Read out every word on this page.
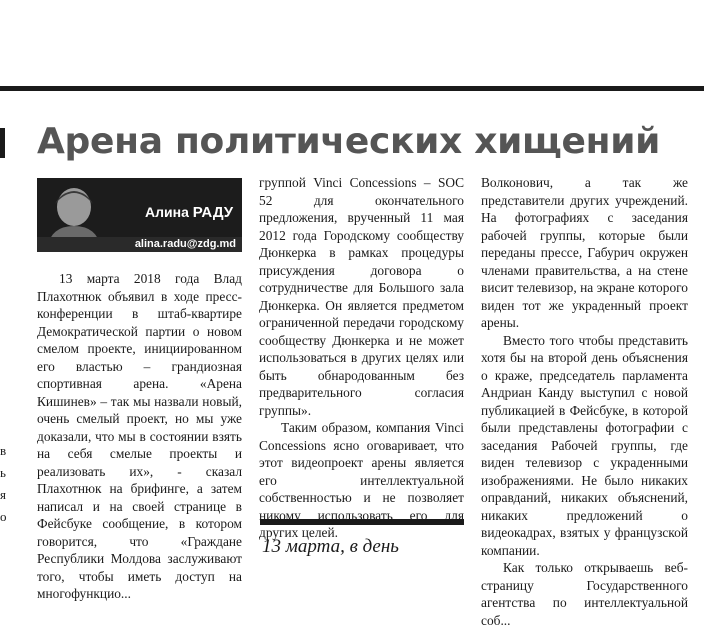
в ь я о
Арена политических хищений
Алина РАДУ
alina.radu@zdg.md

13 марта 2018 года Влад Плахотнюк объявил в ходе пресс-конференции в штаб-квартире Демократической партии о новом смелом проекте, инициированном его властью – грандиозная спортивная арена. «Арена Кишинев» – так мы назвали новый, очень смелый проект, но мы уже доказали, что мы в состоянии взять на себя смелые проекты и реализовать их», - сказал Плахотнюк на брифинге, а затем написал и на своей странице в Фейсбуке сообщение, в котором говорится, что «Граждане Республики Молдова заслуживают того, чтобы иметь доступ на многофункцио...

группой Vinci Concessions – SOC 52 для окончательного предложения, врученный 11 мая 2012 года Городскому сообществу Дюнкерка в рамках процедуры присуждения договора о сотрудничестве для Большого зала Дюнкерка. Он является предметом ограниченной передачи городскому сообществу Дюнкерка и не может использоваться в других целях или быть обнародованным без предварительного согласия группы».

Таким образом, компания Vinci Concessions ясно оговаривает, что этот видеопроект арены является его интеллектуальной собственностью и не позволяет никому использовать его для других целей.

Волконович, а так же представители других учреждений. На фотографиях с заседания рабочей группы, которые были переданы прессе, Габурич окружен членами правительства, а на стене висит телевизор, на экране которого виден тот же украденный проект арены.

Вместо того чтобы представить хотя бы на второй день объяснения о краже, председатель парламента Андриан Канду выступил с новой публикацией в Фейсбуке, в которой были представлены фотографии с заседания Рабочей группы, где виден телевизор с украденными изображениями. Не было никаких оправданий, никаких объяснений, никаких предложений о видеокадрах, взятых у французской компании.

Как только открываешь веб-страницу Государственного агентства по интеллектуальной соб...

13 марта, в день
